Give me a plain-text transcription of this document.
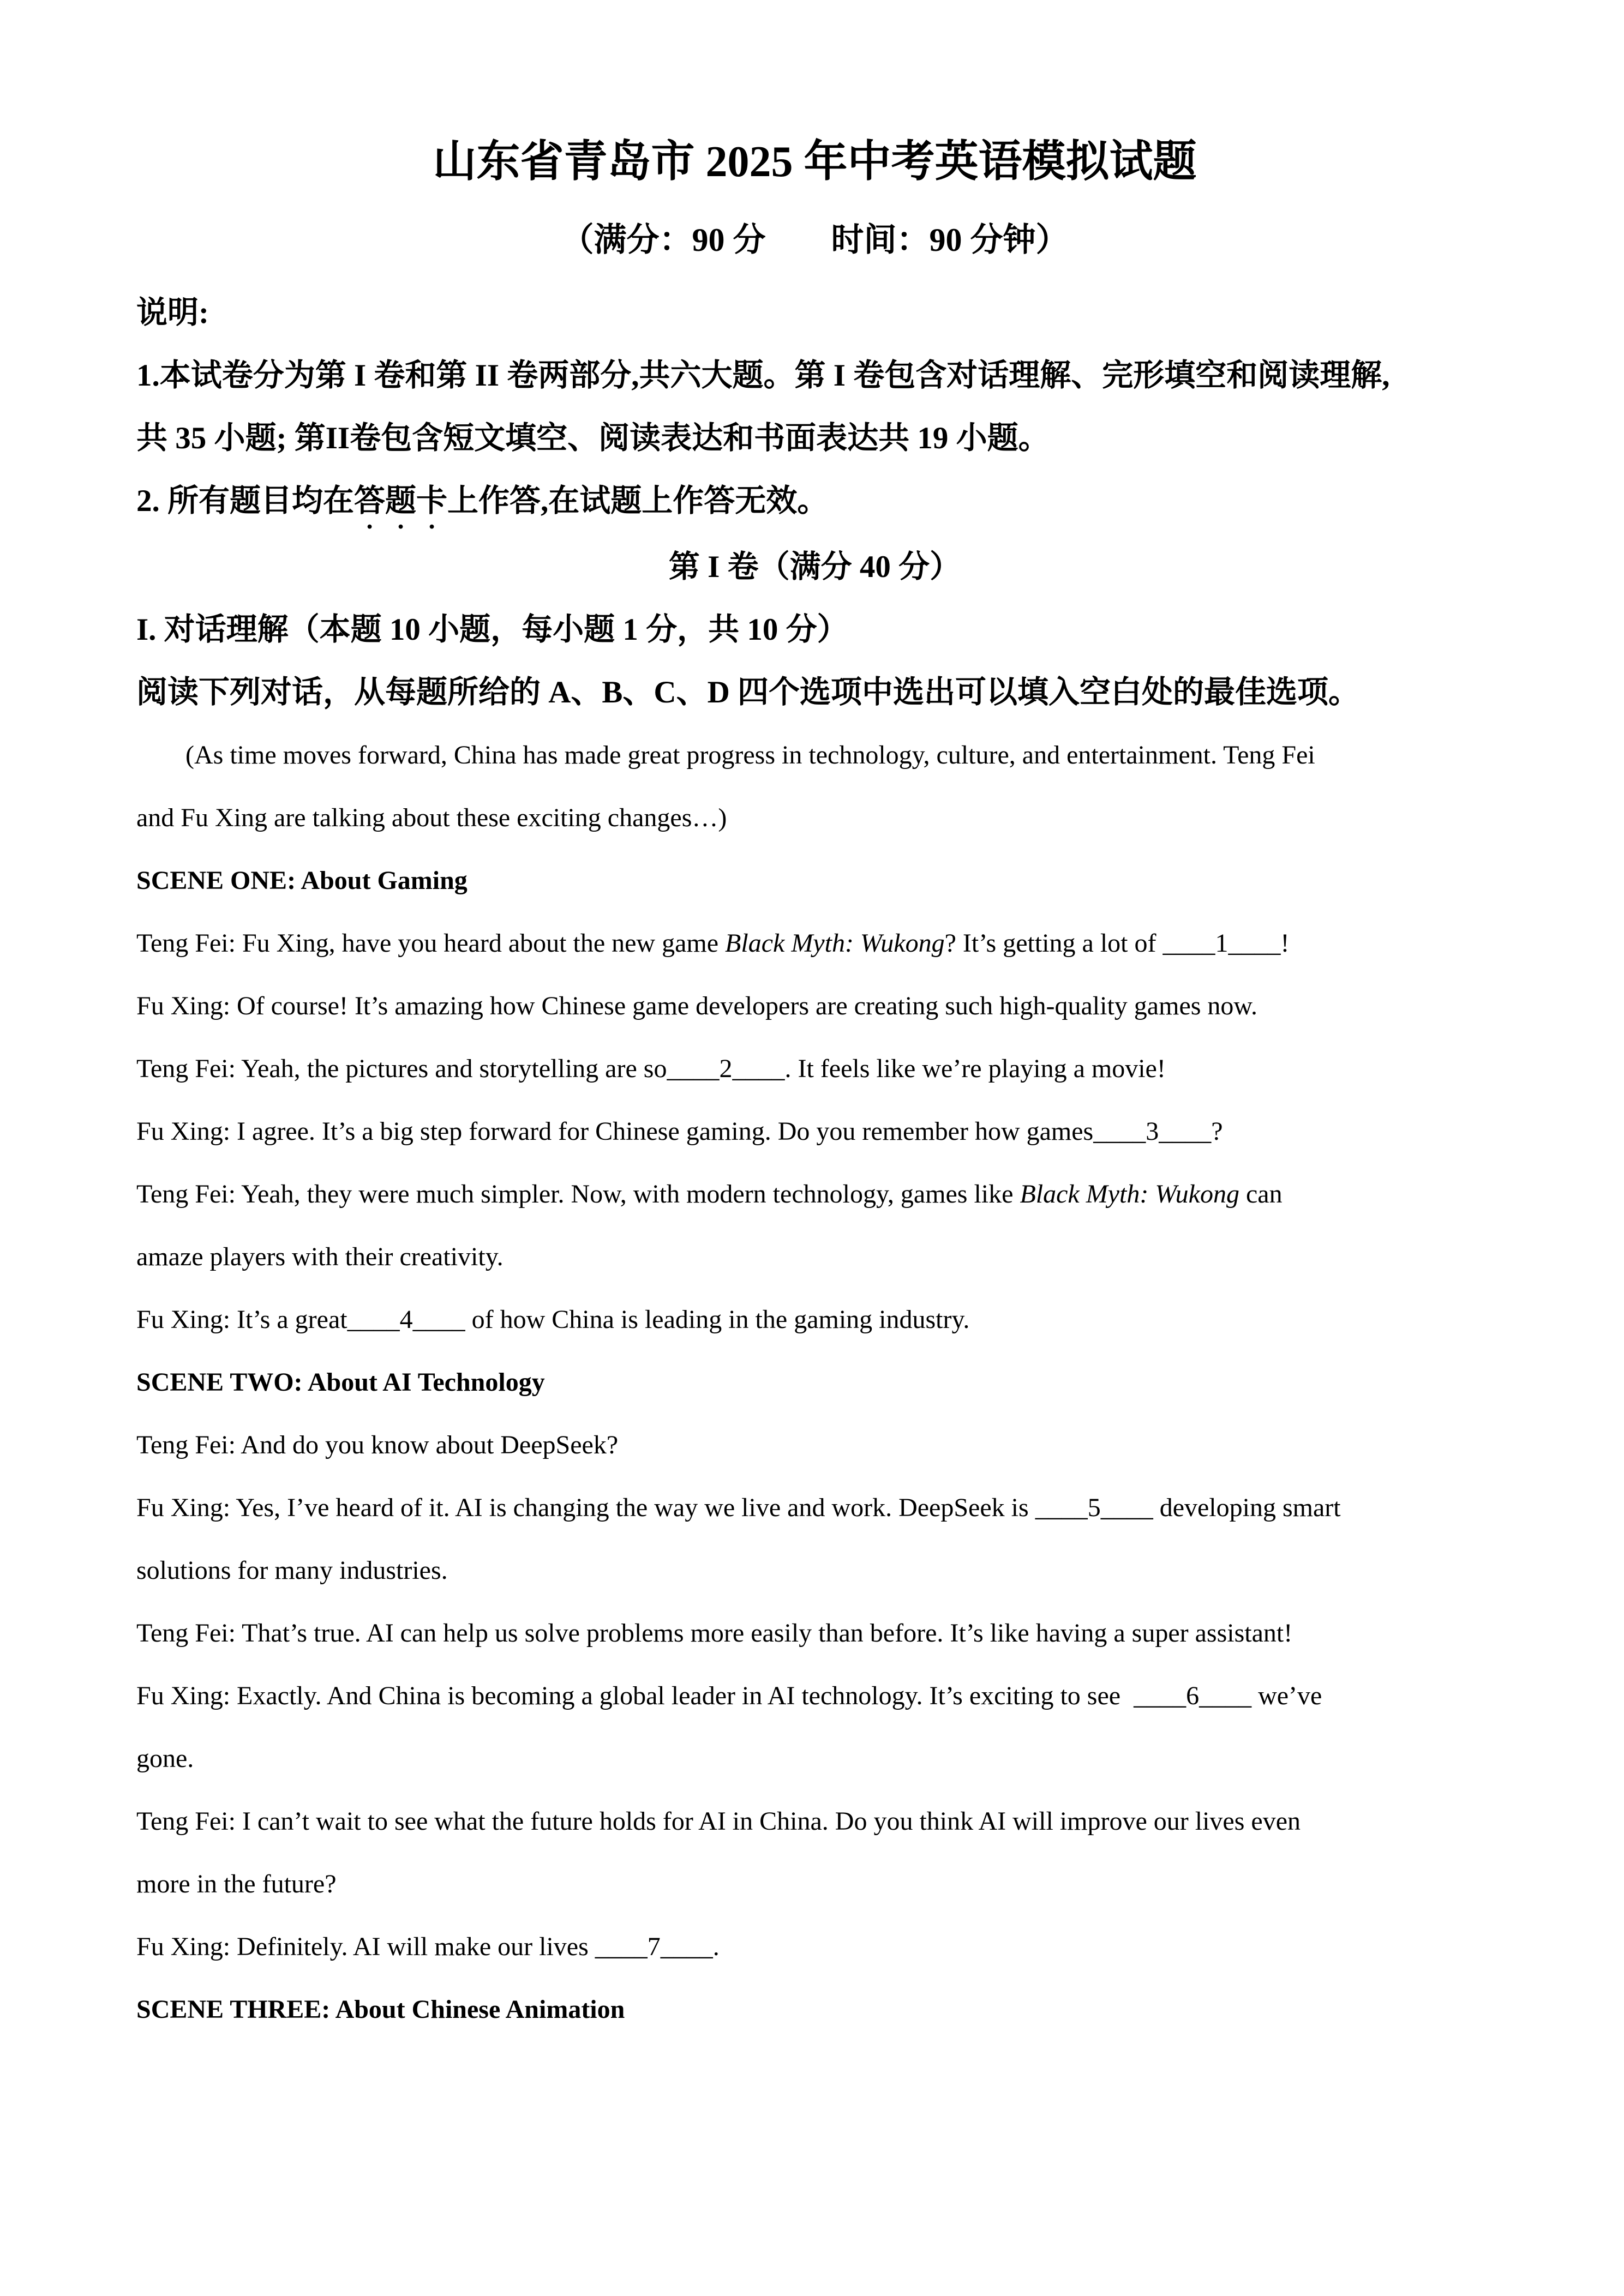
山东省青岛市 2025 年中考英语模拟试题
（满分：90 分        时间：90 分钟）
说明:
1.本试卷分为第 I 卷和第 II 卷两部分,共六大题。第 I 卷包含对话理解、完形填空和阅读理解,
共 35 小题; 第II卷包含短文填空、阅读表达和书面表达共 19 小题。
2. 所有题目均在答题卡上作答,在试题上作答无效。
第 I 卷（满分 40 分）
I. 对话理解（本题 10 小题，每小题 1 分，共 10 分）
阅读下列对话，从每题所给的 A、B、C、D 四个选项中选出可以填入空白处的最佳选项。
(As time moves forward, China has made great progress in technology, culture, and entertainment. Teng Fei
and Fu Xing are talking about these exciting changes…)
SCENE ONE: About Gaming
Teng Fei: Fu Xing, have you heard about the new game Black Myth: Wukong? It’s getting a lot of ____1____!
Fu Xing: Of course! It’s amazing how Chinese game developers are creating such high-quality games now.
Teng Fei: Yeah, the pictures and storytelling are so____2____. It feels like we’re playing a movie!
Fu Xing: I agree. It’s a big step forward for Chinese gaming. Do you remember how games____3____?
Teng Fei: Yeah, they were much simpler. Now, with modern technology, games like Black Myth: Wukong can
amaze players with their creativity.
Fu Xing: It’s a great____4____ of how China is leading in the gaming industry.
SCENE TWO: About AI Technology
Teng Fei: And do you know about DeepSeek?
Fu Xing: Yes, I’ve heard of it. AI is changing the way we live and work. DeepSeek is ____5____ developing smart
solutions for many industries.
Teng Fei: That’s true. AI can help us solve problems more easily than before. It’s like having a super assistant!
Fu Xing: Exactly. And China is becoming a global leader in AI technology. It’s exciting to see  ____6____ we’ve
gone.
Teng Fei: I can’t wait to see what the future holds for AI in China. Do you think AI will improve our lives even
more in the future?
Fu Xing: Definitely. AI will make our lives ____7____.
SCENE THREE: About Chinese Animation
